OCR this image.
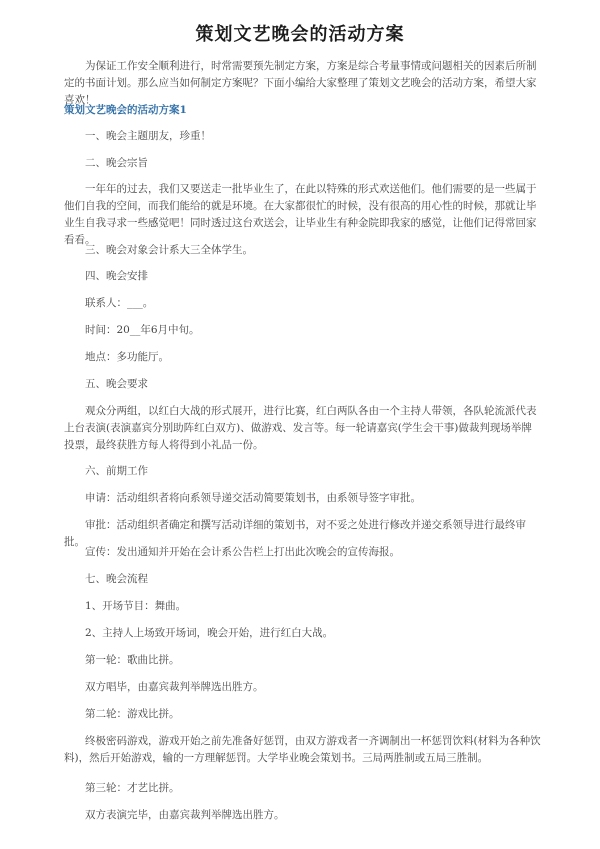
策划文艺晚会的活动方案

为保证工作安全顺利进行，时常需要预先制定方案，方案是综合考量事情或问题相关的因素后所制定的书面计划。那么应当如何制定方案呢？下面小编给大家整理了策划文艺晚会的活动方案，希望大家喜欢！

策划文艺晚会的活动方案1

一、晚会主题朋友，珍重！

二、晚会宗旨

一年年的过去，我们又要送走一批毕业生了，在此以特殊的形式欢送他们。他们需要的是一些属于他们自我的空间，而我们能给的就是环境。在大家都很忙的时候，没有很高的用心性的时候，那就让毕业生自我寻求一些感觉吧！同时透过这台欢送会，让毕业生有种金院即我家的感觉，让他们记得常回家看看。

三、晚会对象会计系大三全体学生。

四、晚会安排

联系人：___。

时间：20__年6月中旬。

地点：多功能厅。

五、晚会要求

观众分两组，以红白大战的形式展开，进行比赛，红白两队各由一个主持人带领，各队轮流派代表上台表演(表演嘉宾分别助阵红白双方)、做游戏、发言等。每一轮请嘉宾(学生会干事)做裁判现场举牌投票，最终获胜方每人将得到小礼品一份。

六、前期工作

申请：活动组织者将向系领导递交活动简要策划书，由系领导签字审批。

审批：活动组织者确定和撰写活动详细的策划书，对不妥之处进行修改并递交系领导进行最终审批。

宣传：发出通知并开始在会计系公告栏上打出此次晚会的宣传海报。

七、晚会流程

1、开场节目：舞曲。

2、主持人上场致开场词，晚会开始，进行红白大战。

第一轮：歌曲比拼。

双方唱毕，由嘉宾裁判举牌选出胜方。

第二轮：游戏比拼。

终极密码游戏，游戏开始之前先准备好惩罚，由双方游戏者一齐调制出一杯惩罚饮料(材料为各种饮料)，然后开始游戏，输的一方理解惩罚。大学毕业晚会策划书。三局两胜制或五局三胜制。

第三轮：才艺比拼。

双方表演完毕，由嘉宾裁判举牌选出胜方。
